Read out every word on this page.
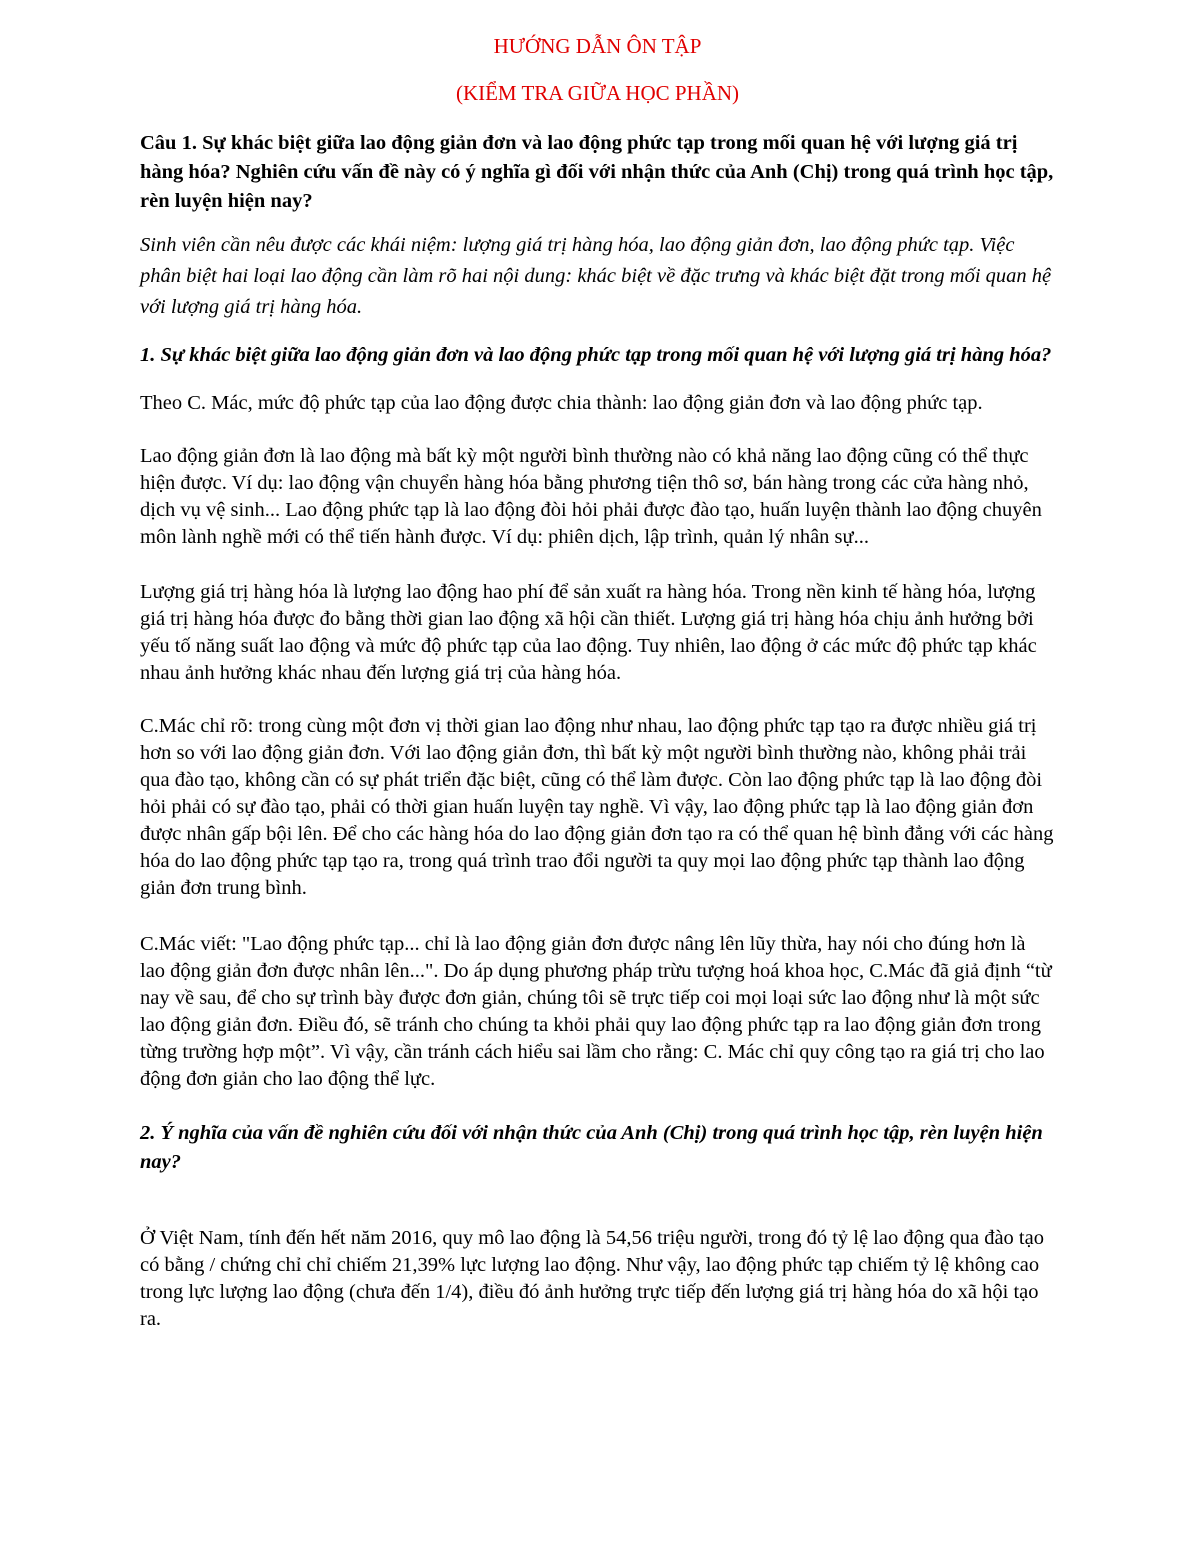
HƯỚNG DẪN ÔN TẬP
(KIỂM TRA GIỮA HỌC PHẦN)

Câu 1. Sự khác biệt giữa lao động giản đơn và lao động phức tạp trong mối quan hệ với lượng giá trị hàng hóa? Nghiên cứu vấn đề này có ý nghĩa gì đối với nhận thức của Anh (Chị) trong quá trình học tập, rèn luyện hiện nay?

Sinh viên cần nêu được các khái niệm: lượng giá trị hàng hóa, lao động giản đơn, lao động phức tạp. Việc phân biệt hai loại lao động cần làm rõ hai nội dung: khác biệt về đặc trưng và khác biệt đặt trong mối quan hệ với lượng giá trị hàng hóa.

1. Sự khác biệt giữa lao động giản đơn và lao động phức tạp trong mối quan hệ với lượng giá trị hàng hóa?

Theo C. Mác, mức độ phức tạp của lao động được chia thành: lao động giản đơn và lao động phức tạp.

Lao động giản đơn là lao động mà bất kỳ một người bình thường nào có khả năng lao động cũng có thể thực hiện được. Ví dụ: lao động vận chuyển hàng hóa bằng phương tiện thô sơ, bán hàng trong các cửa hàng nhỏ, dịch vụ vệ sinh... Lao động phức tạp là lao động đòi hỏi phải được đào tạo, huấn luyện thành lao động chuyên môn lành nghề mới có thể tiến hành được. Ví dụ: phiên dịch, lập trình, quản lý nhân sự...

Lượng giá trị hàng hóa là lượng lao động hao phí để sản xuất ra hàng hóa. Trong nền kinh tế hàng hóa, lượng giá trị hàng hóa được đo bằng thời gian lao động xã hội cần thiết. Lượng giá trị hàng hóa chịu ảnh hưởng bởi yếu tố năng suất lao động và mức độ phức tạp của lao động. Tuy nhiên, lao động ở các mức độ phức tạp khác nhau ảnh hưởng khác nhau đến lượng giá trị của hàng hóa.

C.Mác chỉ rõ: trong cùng một đơn vị thời gian lao động như nhau, lao động phức tạp tạo ra được nhiều giá trị hơn so với lao động giản đơn. Với lao động giản đơn, thì bất kỳ một người bình thường nào, không phải trải qua đào tạo, không cần có sự phát triển đặc biệt, cũng có thể làm được. Còn lao động phức tạp là lao động đòi hỏi phải có sự đào tạo, phải có thời gian huấn luyện tay nghề. Vì vậy, lao động phức tạp là lao động giản đơn được nhân gấp bội lên. Để cho các hàng hóa do lao động giản đơn tạo ra có thể quan hệ bình đẳng với các hàng hóa do lao động phức tạp tạo ra, trong quá trình trao đổi người ta quy mọi lao động phức tạp thành lao động giản đơn trung bình.

C.Mác viết: "Lao động phức tạp... chỉ là lao động giản đơn được nâng lên lũy thừa, hay nói cho đúng hơn là lao động giản đơn được nhân lên...". Do áp dụng phương pháp trừu tượng hoá khoa học, C.Mác đã giả định “từ nay về sau, để cho sự trình bày được đơn giản, chúng tôi sẽ trực tiếp coi mọi loại sức lao động như là một sức lao động giản đơn. Điều đó, sẽ tránh cho chúng ta khỏi phải quy lao động phức tạp ra lao động giản đơn trong từng trường hợp một”. Vì vậy, cần tránh cách hiểu sai lầm cho rằng: C. Mác chỉ quy công tạo ra giá trị cho lao động đơn giản cho lao động thể lực.

2. Ý nghĩa của vấn đề nghiên cứu đối với nhận thức của Anh (Chị) trong quá trình học tập, rèn luyện hiện nay?

Ở Việt Nam, tính đến hết năm 2016, quy mô lao động là 54,56 triệu người, trong đó tỷ lệ lao động qua đào tạo có bằng / chứng chỉ chỉ chiếm 21,39% lực lượng lao động. Như vậy, lao động phức tạp chiếm tỷ lệ không cao trong lực lượng lao động (chưa đến 1/4), điều đó ảnh hưởng trực tiếp đến lượng giá trị hàng hóa do xã hội tạo ra.
